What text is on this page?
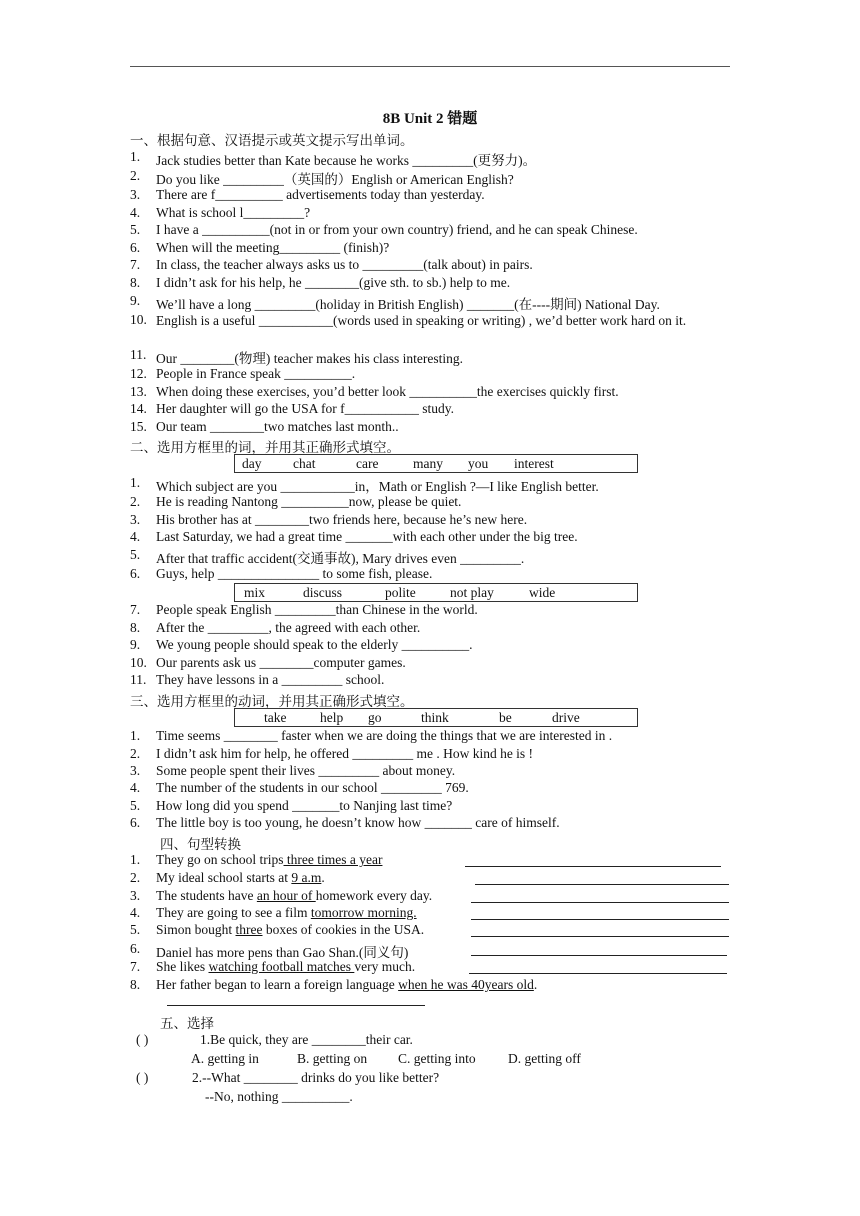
8B Unit 2 错题
一、根据句意、汉语提示或英文提示写出单词。
1. Jack studies better than Kate because he works _________(更努力)。
2. Do you like _________（英国的）English or American English?
3. There are f__________ advertisements today than yesterday.
4. What is school l_________?
5. I have a __________(not in or from your own country) friend, and he can speak Chinese.
6. When will the meeting_________ (finish)?
7. In class, the teacher always asks us to _________(talk about) in pairs.
8. I didn’t ask for his help, he ________(give sth. to sb.) help to me.
9. We’ll have a long _________(holiday in British English) _______(在----期间) National Day.
10. English is a useful ___________(words used in speaking or writing) , we’d better work hard on it.
11. Our ________(物理) teacher makes his class interesting.
12. People in France speak __________.
13. When doing these exercises, you’d better look __________the exercises quickly first.
14. Her daughter will go the USA for f___________ study.
15. Our team ________two matches last month..
二、选用方框里的词，并用其正确形式填空。
day chat	care	many you interest
1. Which subject are you ___________in，Math or English ?—I like English better.
2. He is reading Nantong __________now, please be quiet.
3. His brother has at ________two friends here, because he’s new here.
4. Last Saturday, we had a great time _______with each other under the big tree.
5. After that traffic accident(交通事故), Mary drives even _________.
6. Guys, help _______________ to some fish, please.
mix	discuss	polite	not play	wide
7. People speak English _________than Chinese in the world.
8. After the _________, the agreed with each other.
9. We young people should speak to the elderly __________.
10. Our parents ask us ________computer games.
11. They have lessons in a _________ school.
三、选用方框里的动词，并用其正确形式填空。
take help go	think	be	drive
1. Time seems ________ faster when we are doing the things that we are interested in .
2. I didn’t ask him for help, he offered _________ me . How kind he is !
3. Some people spent their lives _________ about money.
4. The number of the students in our school _________ 769.
5. How long did you spend _______to Nanjing last time?
6. The little boy is too young, he doesn’t know how _______ care of himself.
四、句型转换
1. They go on school trips three times a year
2. My ideal school starts at 9 a.m.
3. The students have an hour of homework every day.
4. They are going to see a film tomorrow morning.
5. Simon bought three boxes of cookies in the USA.
6. Daniel has more pens than Gao Shan.(同义句)
7. She likes watching football matches very much.
8. Her father began to learn a foreign language when he was 40years old.
五、选择
( )	1.Be quick, they are ________their car.
A. getting in	B. getting on C. getting into D. getting off
( )	2.--What ________ drinks do you like better?
--No, nothing __________.
